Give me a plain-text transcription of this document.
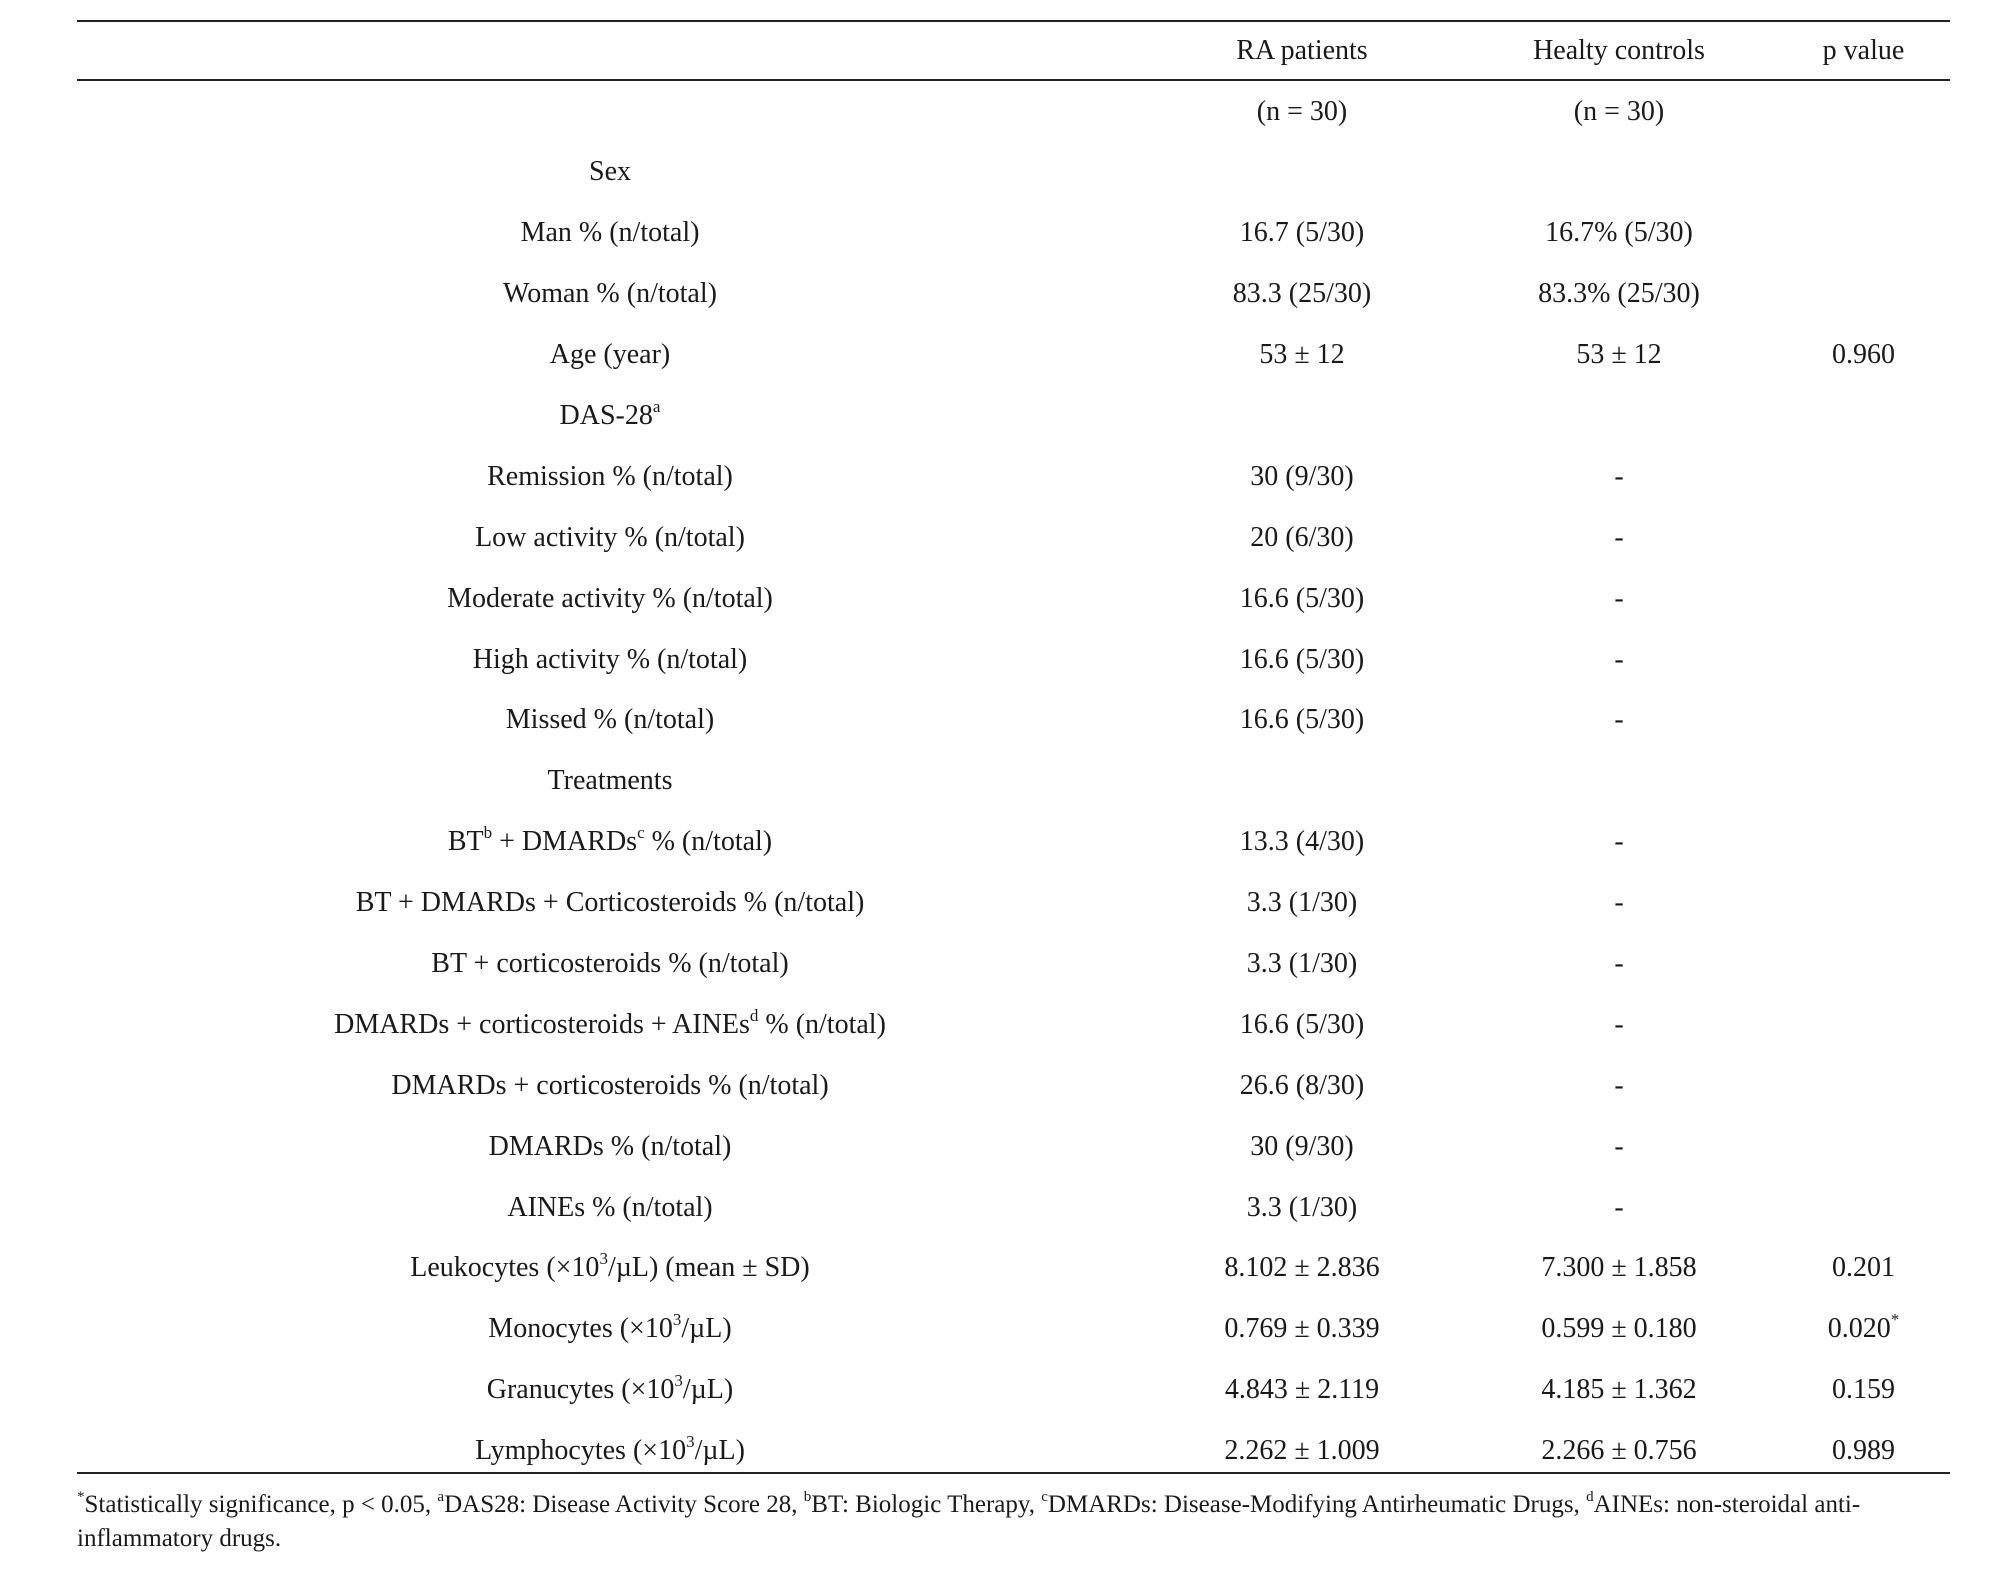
	RA patients	Healty controls	p value
	(n = 30)	(n = 30)	
Sex			
Man % (n/total)	16.7 (5/30)	16.7% (5/30)	
Woman % (n/total)	83.3 (25/30)	83.3% (25/30)	
Age (year)	53 ± 12	53 ± 12	0.960
DAS-28$^a$			
Remission % (n/total)	30 (9/30)	-	
Low activity % (n/total)	20 (6/30)	-	
Moderate activity % (n/total)	16.6 (5/30)	-	
High activity % (n/total)	16.6 (5/30)	-	
Missed % (n/total)	16.6 (5/30)	-	
Treatments			
$BT^b$ + DMARDs$^c$ % (n/total)	13.3 (4/30)	-	
BT + DMARDs + Corticosteroids % (n/total)	3.3 (1/30)	-	
BT + corticosteroids % (n/total)	3.3 (1/30)	-	
DMARDs + corticosteroids + AINEs$^d$ % (n/total)	16.6 (5/30)	-	
DMARDs + corticosteroids % (n/total)	26.6 (8/30)	-	
DMARDs % (n/total)	30 (9/30)	-	
AINEs % (n/total)	3.3 (1/30)	-	
Leukocytes $(\times 10^3/\mu L)$ (mean ± SD)	8.102 ± 2.836	7.300 ± 1.858	0.201
Monocytes $(\times 10^3/\mu L)$	0.769 ± 0.339	0.599 ± 0.180	0.020*
Granucytes $(\times 10^3/\mu L)$	4.843 ± 2.119	4.185 ± 1.362	0.159
Lymphocytes $(\times 10^3/\mu L)$	2.262 ± 1.009	2.266 ± 0.756	0.989
*Statistically significance, p < 0.05, $^a$DAS28: Disease Activity Score 28, $^b$BT: Biologic Therapy, $^c$DMARDs: Disease-Modifying Antirheumatic Drugs, $^d$AINEs: non-steroidal anti-inflammatory drugs.
